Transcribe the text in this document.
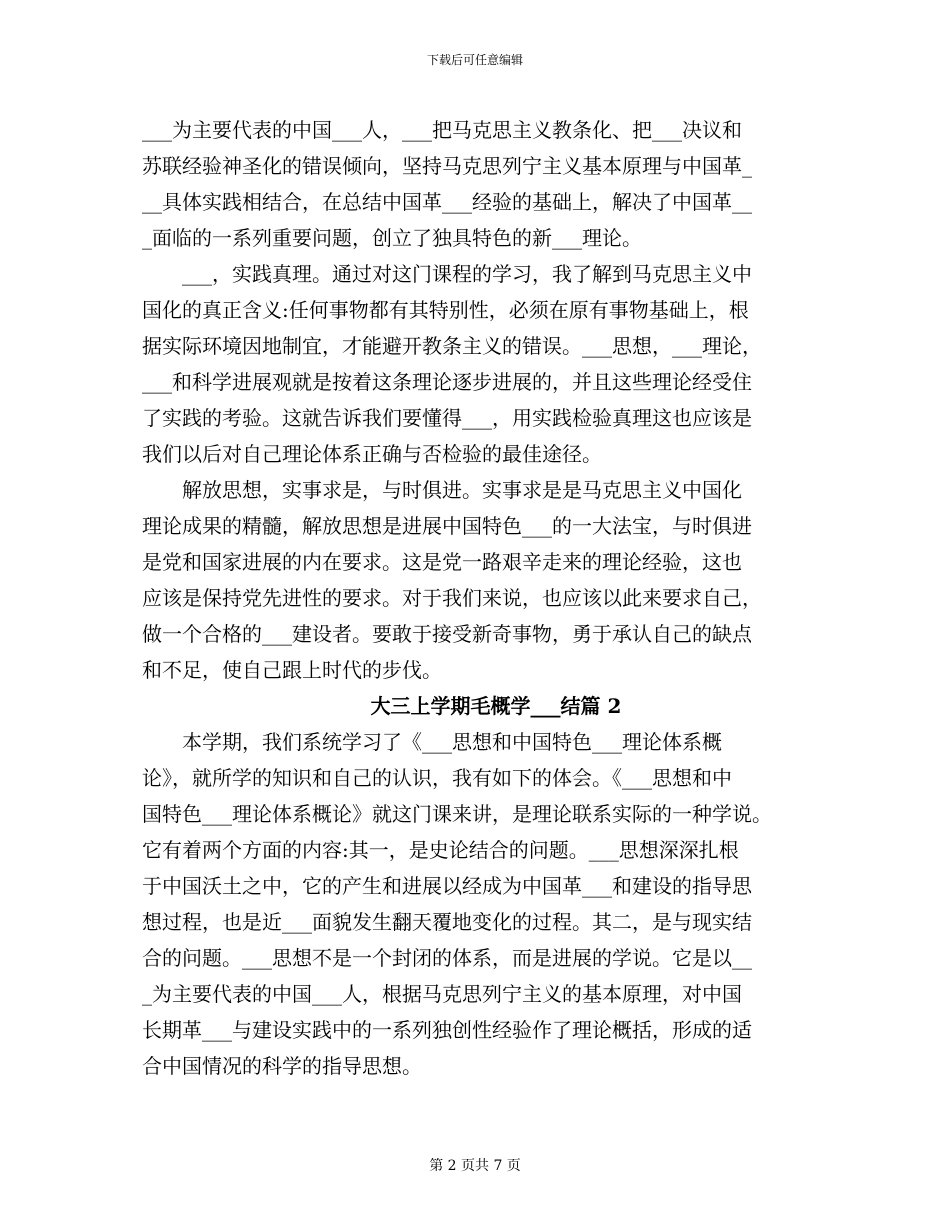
下载后可任意编辑
___为主要代表的中国___人，___把马克思主义教条化、把___决议和
苏联经验神圣化的错误倾向，坚持马克思列宁主义基本原理与中国革_
__具体实践相结合，在总结中国革___经验的基础上，解决了中国革__
_面临的一系列重要问题，创立了独具特色的新___理论。
___，实践真理。通过对这门课程的学习，我了解到马克思主义中
国化的真正含义:任何事物都有其特别性，必须在原有事物基础上，根
据实际环境因地制宜，才能避开教条主义的错误。___思想，___理论，
___和科学进展观就是按着这条理论逐步进展的，并且这些理论经受住
了实践的考验。这就告诉我们要懂得___，用实践检验真理这也应该是
我们以后对自己理论体系正确与否检验的最佳途径。
解放思想，实事求是，与时俱进。实事求是是马克思主义中国化
理论成果的精髓，解放思想是进展中国特色___的一大法宝，与时俱进
是党和国家进展的内在要求。这是党一路艰辛走来的理论经验，这也
应该是保持党先进性的要求。对于我们来说，也应该以此来要求自己，
做一个合格的___建设者。要敢于接受新奇事物，勇于承认自己的缺点
和不足，使自己跟上时代的步伐。
大三上学期毛概学___结篇 2
本学期，我们系统学习了《___思想和中国特色___理论体系概
论》，就所学的知识和自己的认识，我有如下的体会。《___思想和中
国特色___理论体系概论》就这门课来讲，是理论联系实际的一种学说。
它有着两个方面的内容:其一，是史论结合的问题。___思想深深扎根
于中国沃土之中，它的产生和进展以经成为中国革___和建设的指导思
想过程，也是近___面貌发生翻天覆地变化的过程。其二，是与现实结
合的问题。___思想不是一个封闭的体系，而是进展的学说。它是以__
_为主要代表的中国___人，根据马克思列宁主义的基本原理，对中国
长期革___与建设实践中的一系列独创性经验作了理论概括，形成的适
合中国情况的科学的指导思想。
第 2 页共 7 页
